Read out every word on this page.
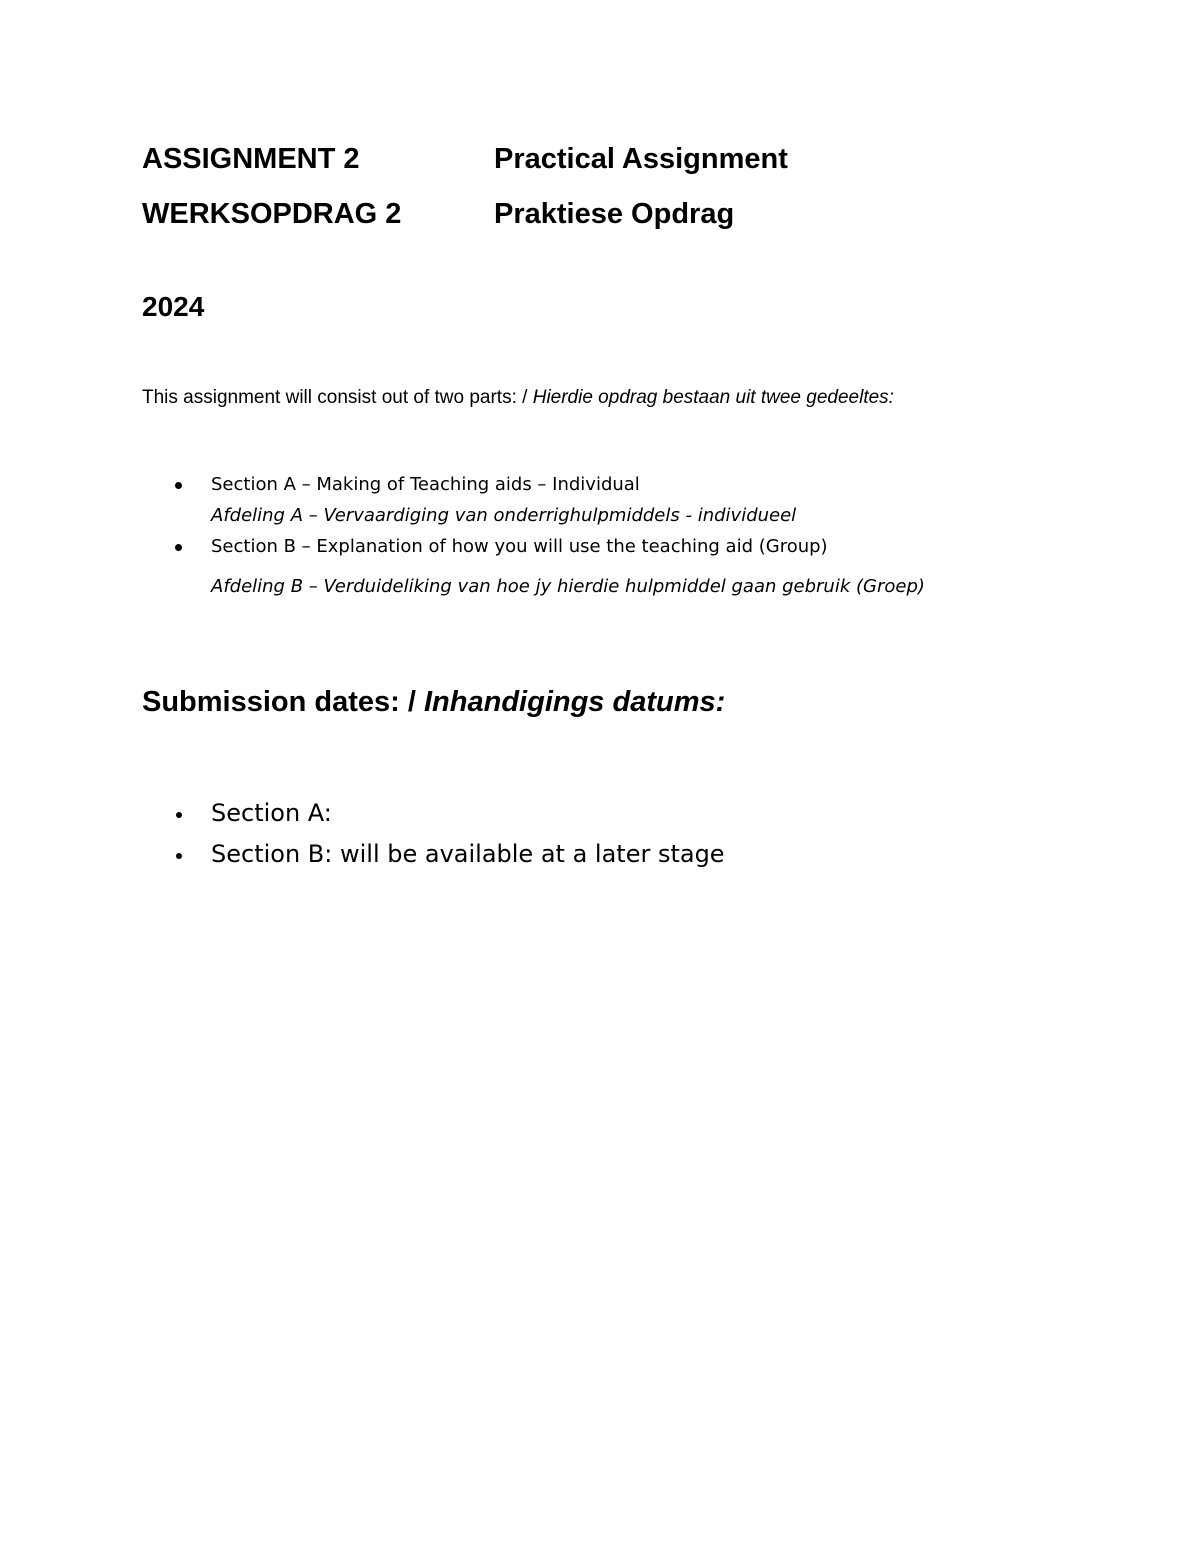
ASSIGNMENT 2	Practical Assignment
WERKSOPDRAG 2	Praktiese Opdrag
2024
This assignment will consist out of two parts: / Hierdie opdrag bestaan uit twee gedeeltes:
Section A – Making of Teaching aids – Individual
Afdeling A – Vervaardiging van onderrighulpmiddels - individueel
Section B – Explanation of how you will use the teaching aid (Group)
Afdeling B – Verduideliking van hoe jy hierdie hulpmiddel gaan gebruik (Groep)
Submission dates: / Inhandigings datums:
Section A:
Section B: will be available at a later stage
